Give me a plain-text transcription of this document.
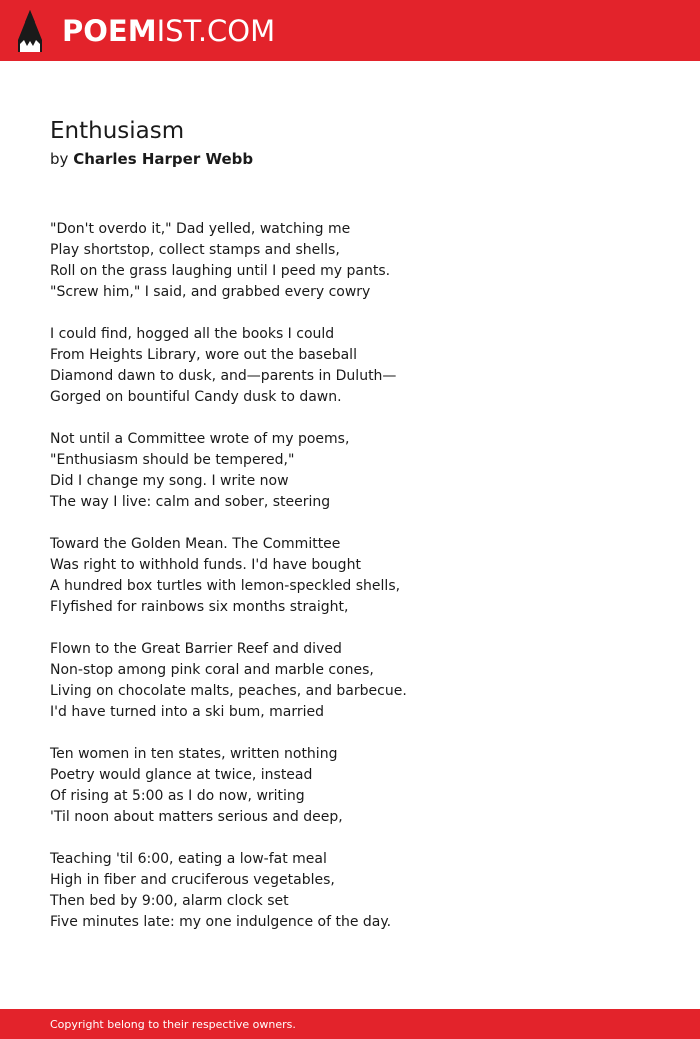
POEMIST.COM
Enthusiasm
by Charles Harper Webb
"Don't overdo it," Dad yelled, watching me
Play shortstop, collect stamps and shells,
Roll on the grass laughing until I peed my pants.
"Screw him," I said, and grabbed every cowry
I could find, hogged all the books I could
From Heights Library, wore out the baseball
Diamond dawn to dusk, and—parents in Duluth—
Gorged on bountiful Candy dusk to dawn.
Not until a Committee wrote of my poems,
"Enthusiasm should be tempered,"
Did I change my song. I write now
The way I live: calm and sober, steering
Toward the Golden Mean. The Committee
Was right to withhold funds. I'd have bought
A hundred box turtles with lemon-speckled shells,
Flyfished for rainbows six months straight,
Flown to the Great Barrier Reef and dived
Non-stop among pink coral and marble cones,
Living on chocolate malts, peaches, and barbecue.
I'd have turned into a ski bum, married
Ten women in ten states, written nothing
Poetry would glance at twice, instead
Of rising at 5:00 as I do now, writing
'Til noon about matters serious and deep,
Teaching 'til 6:00, eating a low-fat meal
High in fiber and cruciferous vegetables,
Then bed by 9:00, alarm clock set
Five minutes late: my one indulgence of the day.
Copyright belong to their respective owners.
